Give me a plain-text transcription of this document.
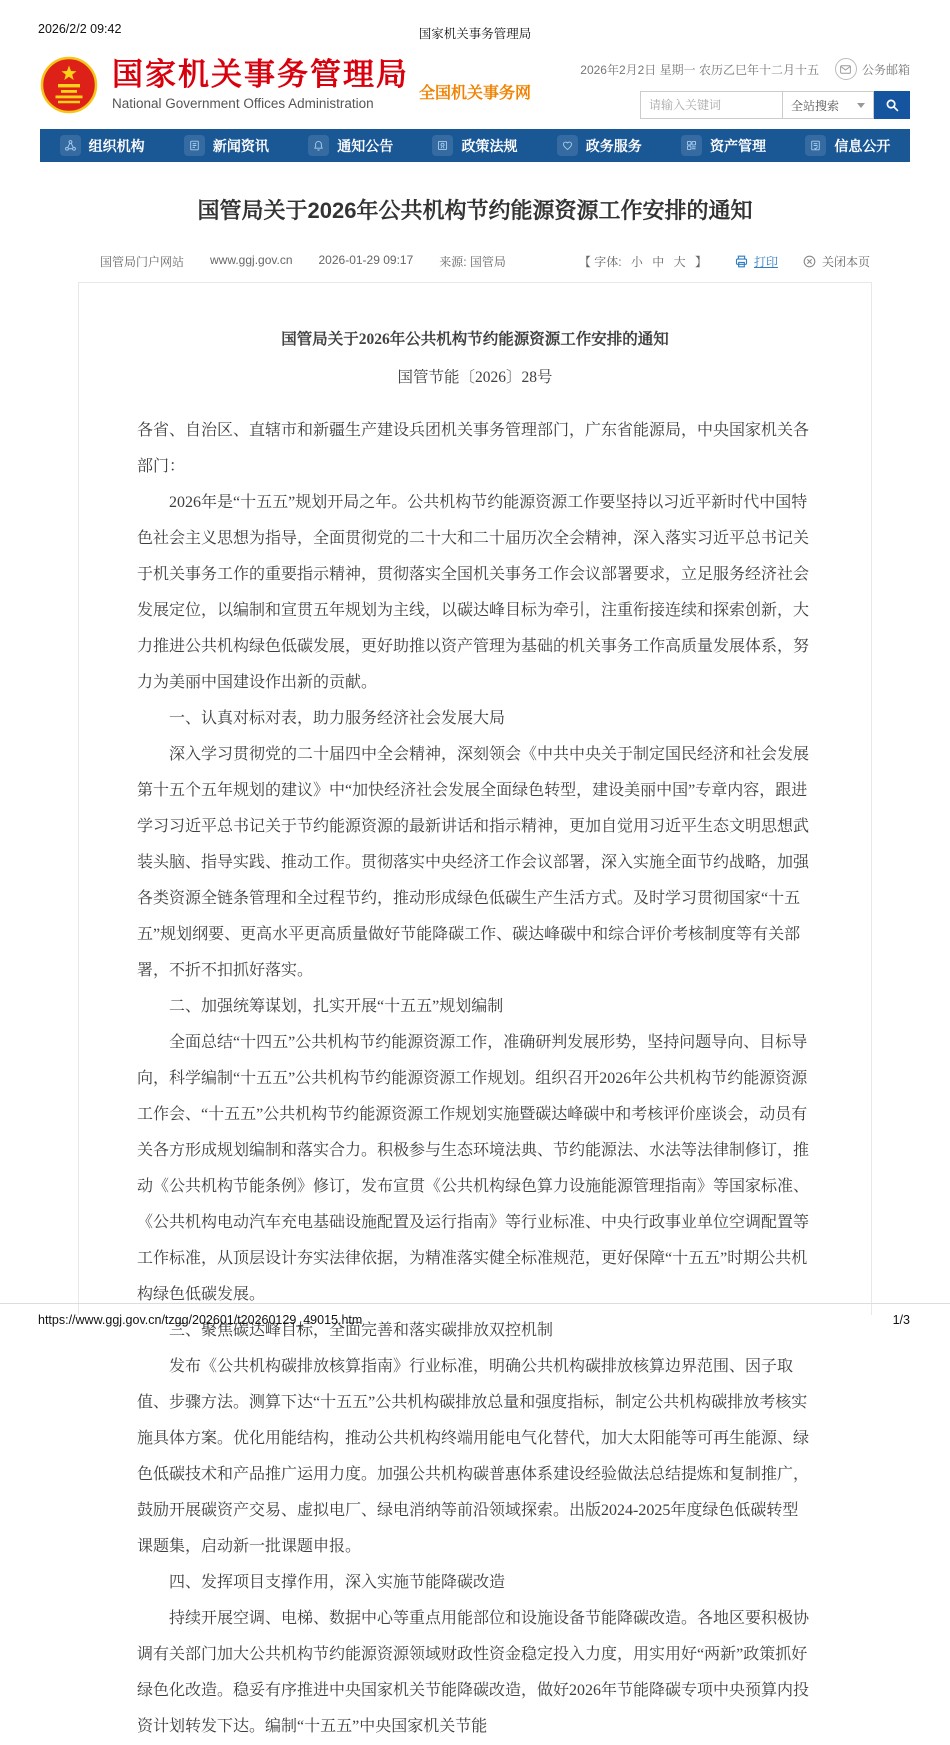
2026/2/2 09:42	国家机关事务管理局
国家机关事务管理局
National Government Offices Administration
全国机关事务网
2026年2月2日 星期一 农历乙巳年十二月十五	公务邮箱
请输入关键词
全站搜索
组织机构	新闻资讯	通知公告	政策法规	政务服务	资产管理	信息公开
国管局关于2026年公共机构节约能源资源工作安排的通知
国管局门户网站 www.ggj.gov.cn 2026-01-29 09:17 来源: 国管局	【 字体: 小 中 大 】	打印	关闭本页

国管局关于2026年公共机构节约能源资源工作安排的通知

国管节能〔2026〕28号

各省、自治区、直辖市和新疆生产建设兵团机关事务管理部门，广东省能源局，中央国家机关各部门：

2026年是“十五五”规划开局之年。公共机构节约能源资源工作要坚持以习近平新时代中国特色社会主义思想为指导，全面贯彻党的二十大和二十届历次全会精神，深入落实习近平总书记关于机关事务工作的重要指示精神，贯彻落实全国机关事务工作会议部署要求，立足服务经济社会发展定位，以编制和宣贯五年规划为主线，以碳达峰目标为牵引，注重衔接连续和探索创新，大力推进公共机构绿色低碳发展，更好助推以资产管理为基础的机关事务工作高质量发展体系，努力为美丽中国建设作出新的贡献。

一、认真对标对表，助力服务经济社会发展大局

深入学习贯彻党的二十届四中全会精神，深刻领会《中共中央关于制定国民经济和社会发展第十五个五年规划的建议》中“加快经济社会发展全面绿色转型，建设美丽中国”专章内容，跟进学习习近平总书记关于节约能源资源的最新讲话和指示精神，更加自觉用习近平生态文明思想武装头脑、指导实践、推动工作。贯彻落实中央经济工作会议部署，深入实施全面节约战略，加强各类资源全链条管理和全过程节约，推动形成绿色低碳生产生活方式。及时学习贯彻国家“十五五”规划纲要、更高水平更高质量做好节能降碳工作、碳达峰碳中和综合评价考核制度等有关部署，不折不扣抓好落实。

二、加强统筹谋划，扎实开展“十五五”规划编制

全面总结“十四五”公共机构节约能源资源工作，准确研判发展形势，坚持问题导向、目标导向，科学编制“十五五”公共机构节约能源资源工作规划。组织召开2026年公共机构节约能源资源工作会、“十五五”公共机构节约能源资源工作规划实施暨碳达峰碳中和考核评价座谈会，动员有关各方形成规划编制和落实合力。积极参与生态环境法典、节约能源法、水法等法律制修订，推动《公共机构节能条例》修订，发布宣贯《公共机构绿色算力设施能源管理指南》等国家标准、《公共机构电动汽车充电基础设施配置及运行指南》等行业标准、中央行政事业单位空调配置等工作标准，从顶层设计夯实法律依据，为精准落实健全标准规范，更好保障“十五五”时期公共机构绿色低碳发展。

三、聚焦碳达峰目标，全面完善和落实碳排放双控机制

发布《公共机构碳排放核算指南》行业标准，明确公共机构碳排放核算边界范围、因子取值、步骤方法。测算下达“十五五”公共机构碳排放总量和强度指标，制定公共机构碳排放考核实施具体方案。优化用能结构，推动公共机构终端用能电气化替代，加大太阳能等可再生能源、绿色低碳技术和产品推广运用力度。加强公共机构碳普惠体系建设经验做法总结提炼和复制推广，鼓励开展碳资产交易、虚拟电厂、绿电消纳等前沿领域探索。出版2024-2025年度绿色低碳转型课题集，启动新一批课题申报。

四、发挥项目支撑作用，深入实施节能降碳改造

持续开展空调、电梯、数据中心等重点用能部位和设施设备节能降碳改造。各地区要积极协调有关部门加大公共机构节约能源资源领域财政性资金稳定投入力度，用实用好“两新”政策抓好绿色化改造。稳妥有序推进中央国家机关节能降碳改造，做好2026年节能降碳专项中央预算内投资计划转发下达。编制“十五五”中央国家机关节能

https://www.ggj.gov.cn/tzgg/202601/t20260129_49015.htm	1/3
